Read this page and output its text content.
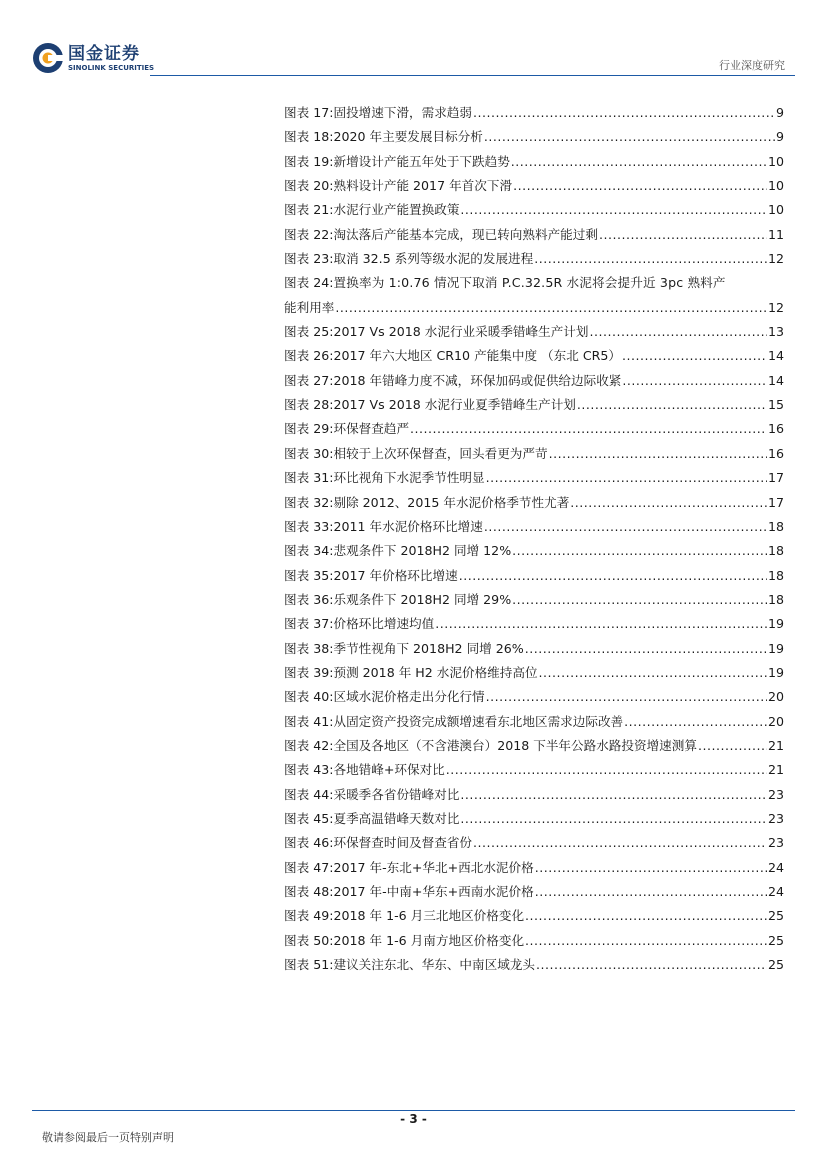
国金证券
SINOLINK SECURITIES	行业深度研究
图表 17: 固投增速下滑，需求趋弱 .....	9
图表 18: 2020 年主要发展目标分析 .....	9
图表 19: 新增设计产能五年处于下跌趋势 .....	10
图表 20: 熟料设计产能 2017 年首次下滑 .....	10
图表 21: 水泥行业产能置换政策 .....	10
图表 22: 淘汰落后产能基本完成，现已转向熟料产能过剩 .....	11
图表 23: 取消 32.5 系列等级水泥的发展进程 .....	12
图表 24: 置换率为 1:0.76 情况下取消 P.C.32.5R 水泥将会提升近 3pc 熟料产
能利用率 .....	12
图表 25: 2017 Vs 2018 水泥行业采暖季错峰生产计划 .....	13
图表 26: 2017 年六大地区 CR10 产能集中度 （东北 CR5） .....	14
图表 27: 2018 年错峰力度不减，环保加码或促供给边际收紧 .....	14
图表 28: 2017 Vs 2018 水泥行业夏季错峰生产计划 .....	15
图表 29: 环保督查趋严 .....	16
图表 30: 相较于上次环保督查，回头看更为严苛 .....	16
图表 31: 环比视角下水泥季节性明显 .....	17
图表 32: 剔除 2012、2015 年水泥价格季节性尤著 .....	17
图表 33: 2011 年水泥价格环比增速 .....	18
图表 34: 悲观条件下 2018H2 同增 12% .....	18
图表 35: 2017 年价格环比增速 .....	18
图表 36: 乐观条件下 2018H2 同增 29% .....	18
图表 37: 价格环比增速均值 .....	19
图表 38: 季节性视角下 2018H2 同增 26% .....	19
图表 39: 预测 2018 年 H2 水泥价格维持高位 .....	19
图表 40: 区域水泥价格走出分化行情 .....	20
图表 41: 从固定资产投资完成额增速看东北地区需求边际改善 .....	20
图表 42: 全国及各地区（不含港澳台）2018 下半年公路水路投资增速测算 .....	21
图表 43: 各地错峰+环保对比 .....	21
图表 44: 采暖季各省份错峰对比 .....	23
图表 45: 夏季高温错峰天数对比 .....	23
图表 46: 环保督查时间及督查省份 .....	23
图表 47: 2017 年-东北+华北+西北水泥价格 .....	24
图表 48: 2017 年-中南+华东+西南水泥价格 .....	24
图表 49: 2018 年 1-6 月三北地区价格变化 .....	25
图表 50: 2018 年 1-6 月南方地区价格变化 .....	25
图表 51: 建议关注东北、华东、中南区域龙头 .....	25
- 3 -
敬请参阅最后一页特别声明
